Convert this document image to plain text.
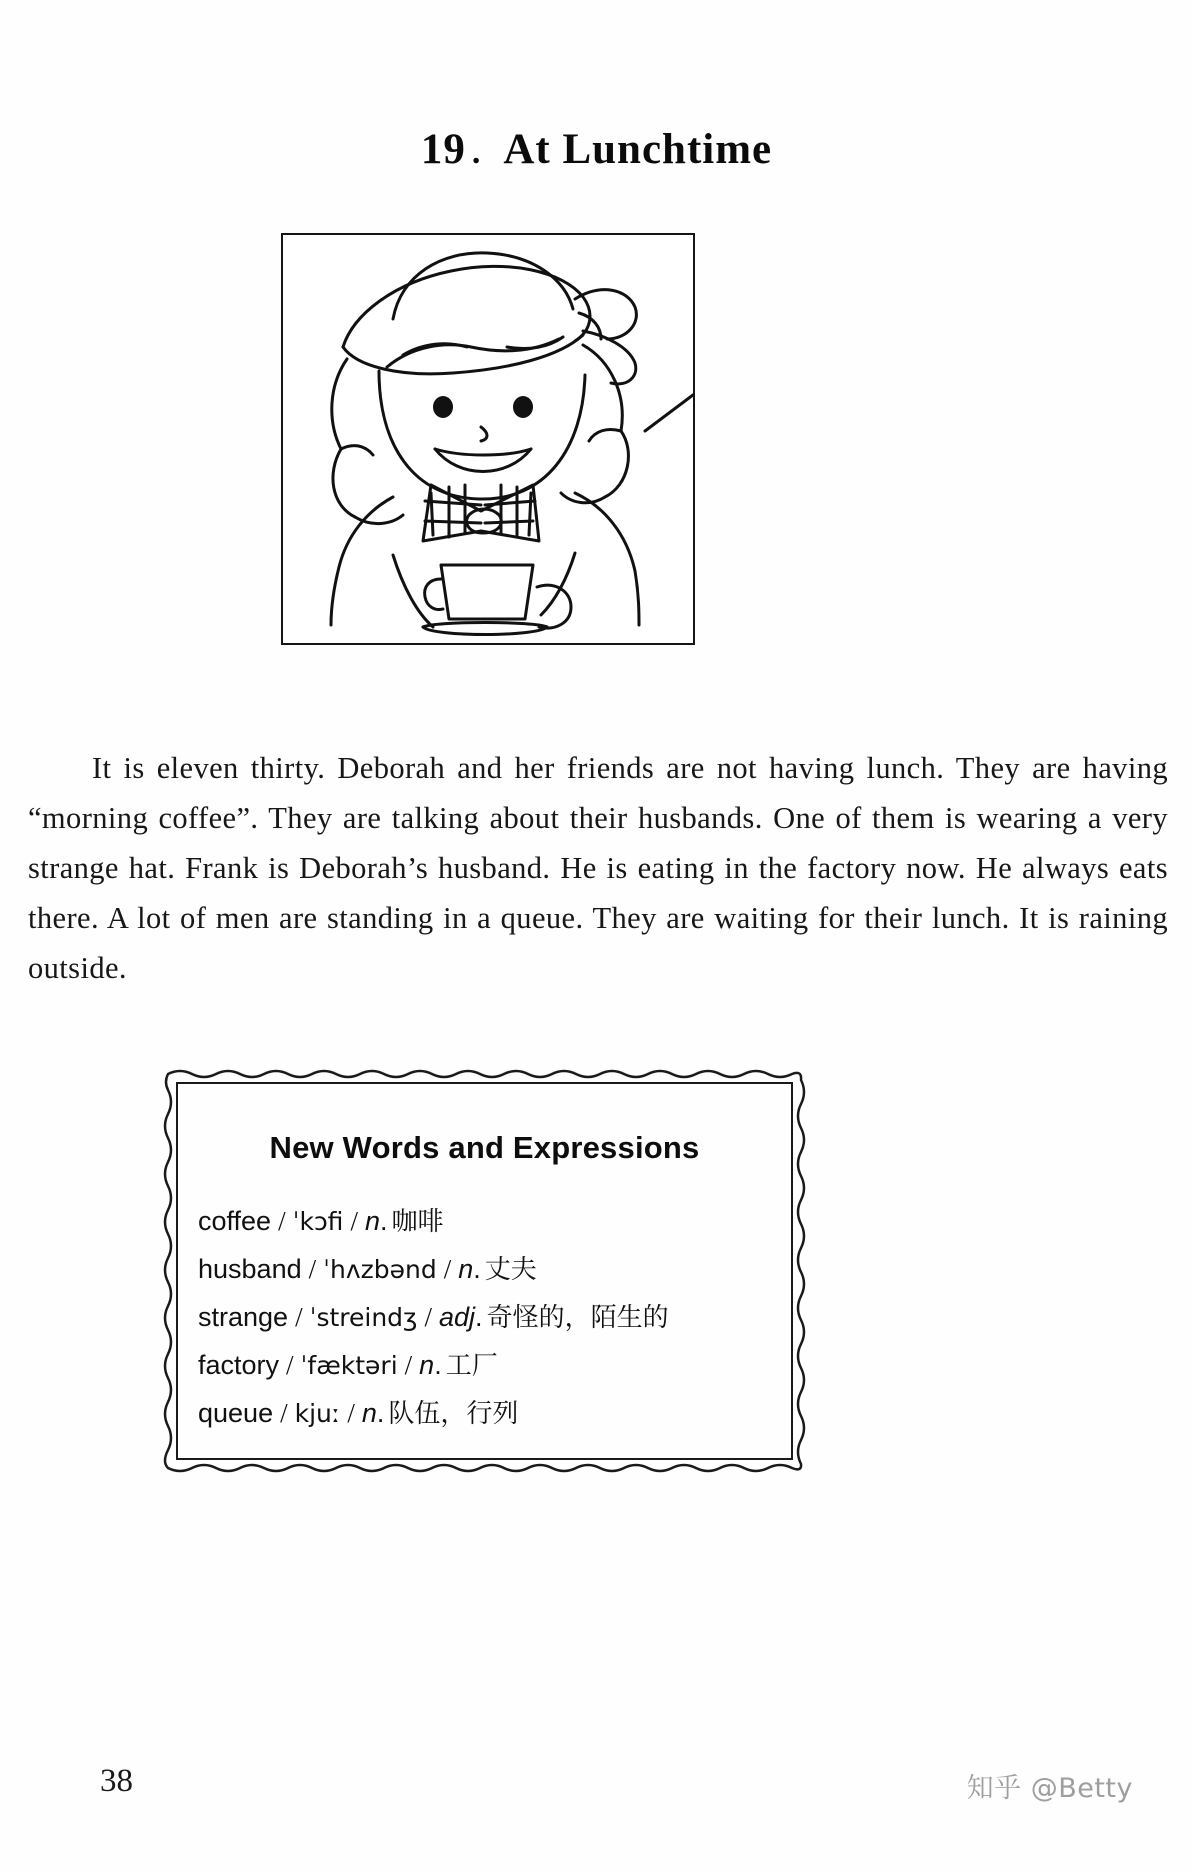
19 . At Lunchtime

It is eleven thirty. Deborah and her friends are not having lunch. They are having “morning coffee”. They are talking about their husbands. One of them is wearing a very strange hat. Frank is Deborah’s husband. He is eating in the factory now. He always eats there. A lot of men are standing in a queue. They are waiting for their lunch. It is raining outside.

New Words and Expressions
coffee / ˈkɔfi / n. 咖啡
husband / ˈhʌzbənd / n. 丈夫
strange / ˈstreindʒ / adj. 奇怪的，陌生的
factory / ˈfæktəri / n. 工厂
queue / kjuː / n. 队伍，行列
38	知乎 @Betty
